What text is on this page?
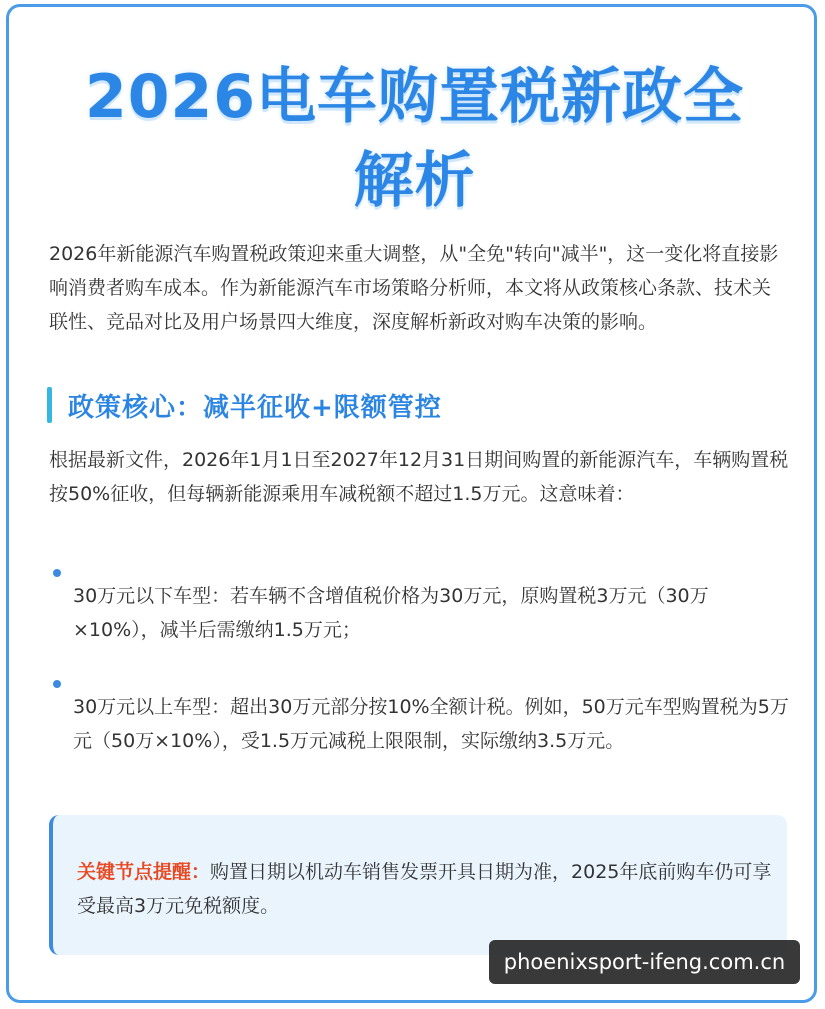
2026电车购置税新政全
解析

2026年新能源汽车购置税政策迎来重大调整，从"全免"转向"减半"，这一变化将直接影响消费者购车成本。作为新能源汽车市场策略分析师，本文将从政策核心条款、技术关联性、竞品对比及用户场景四大维度，深度解析新政对购车决策的影响。

政策核心：减半征收+限额管控

根据最新文件，2026年1月1日至2027年12月31日期间购置的新能源汽车，车辆购置税按50%征收，但每辆新能源乘用车减税额不超过1.5万元。这意味着：

30万元以下车型：若车辆不含增值税价格为30万元，原购置税3万元（30万×10%），减半后需缴纳1.5万元；

30万元以上车型：超出30万元部分按10%全额计税。例如，50万元车型购置税为5万元（50万×10%），受1.5万元减税上限限制，实际缴纳3.5万元。

关键节点提醒：购置日期以机动车销售发票开具日期为准，2025年底前购车仍可享受最高3万元免税额度。

phoenixsport-ifeng.com.cn
